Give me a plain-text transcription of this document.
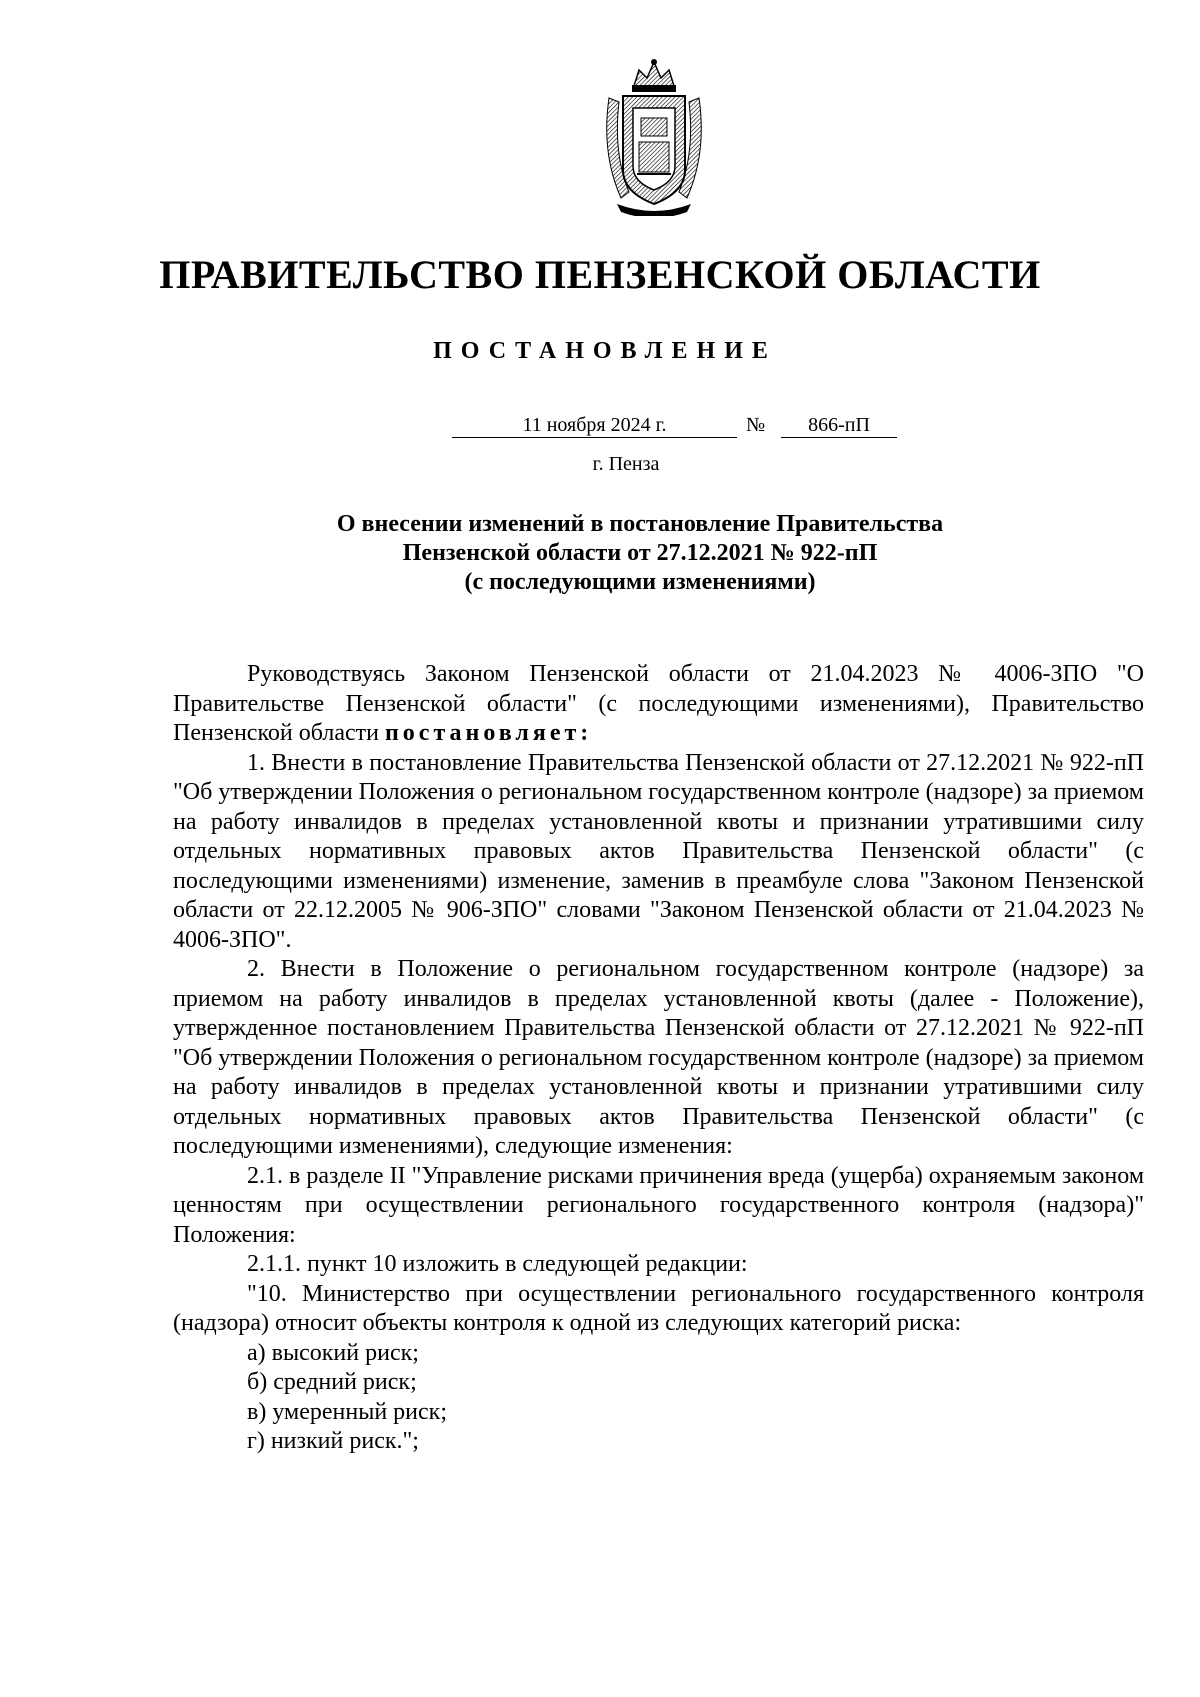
ПРАВИТЕЛЬСТВО ПЕНЗЕНСКОЙ ОБЛАСТИ
ПОСТАНОВЛЕНИЕ
11 ноября 2024 г.	№	866-пП

г. Пенза

О внесении изменений в постановление Правительства
Пензенской области от 27.12.2021 № 922-пП
(с последующими изменениями)

Руководствуясь Законом Пензенской области от 21.04.2023 № 4006-ЗПО "О Правительстве Пензенской области" (с последующими изменениями), Правительство Пензенской области постановляет:

1. Внести в постановление Правительства Пензенской области от 27.12.2021 № 922-пП "Об утверждении Положения о региональном государственном контроле (надзоре) за приемом на работу инвалидов в пределах установленной квоты и признании утратившими силу отдельных нормативных правовых актов Правительства Пензенской области" (с последующими изменениями) изменение, заменив в преамбуле слова "Законом Пензенской области от 22.12.2005 № 906-ЗПО" словами "Законом Пензенской области от 21.04.2023 № 4006-ЗПО".

2. Внести в Положение о региональном государственном контроле (надзоре) за приемом на работу инвалидов в пределах установленной квоты (далее - Положение), утвержденное постановлением Правительства Пензенской области от 27.12.2021 № 922-пП "Об утверждении Положения о региональном государственном контроле (надзоре) за приемом на работу инвалидов в пределах установленной квоты и признании утратившими силу отдельных нормативных правовых актов Правительства Пензенской области" (с последующими изменениями), следующие изменения:

2.1. в разделе II "Управление рисками причинения вреда (ущерба) охраняемым законом ценностям при осуществлении регионального государственного контроля (надзора)" Положения:

2.1.1. пункт 10 изложить в следующей редакции:

"10. Министерство при осуществлении регионального государственного контроля (надзора) относит объекты контроля к одной из следующих категорий риска:

а) высокий риск;

б) средний риск;

в) умеренный риск;

г) низкий риск.";
